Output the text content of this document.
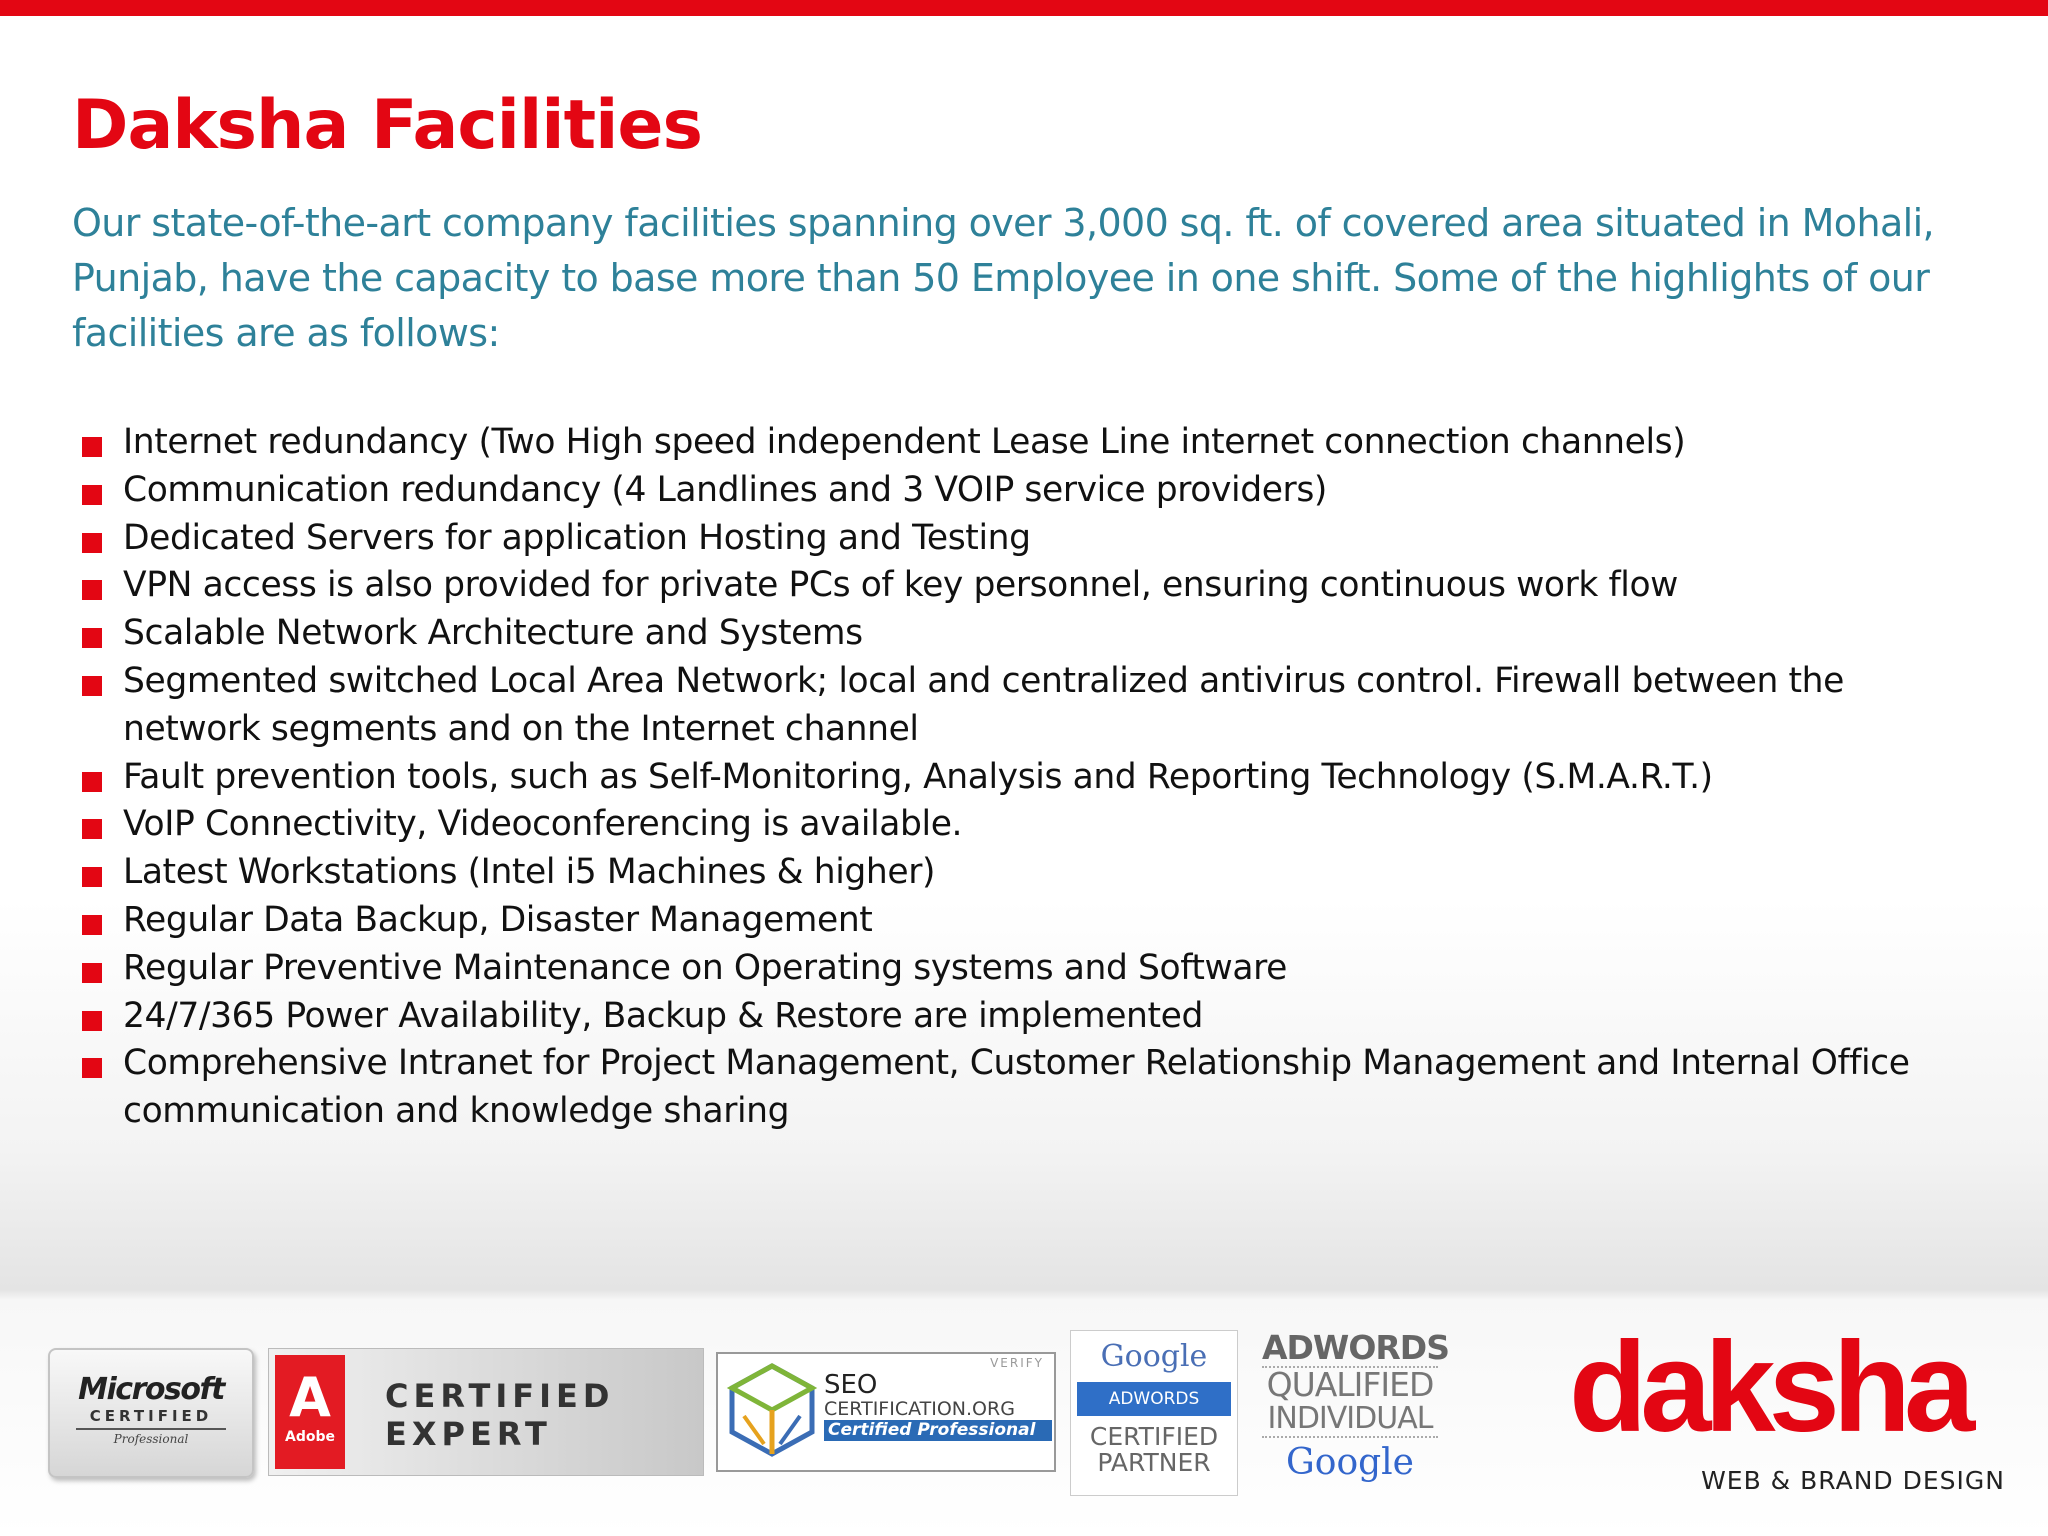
Daksha Facilities

Our state-of-the-art company facilities spanning over 3,000 sq. ft. of covered area situated in Mohali, Punjab, have the capacity to base more than 50 Employee in one shift. Some of the highlights of our facilities are as follows:

Internet redundancy (Two High speed independent Lease Line internet connection channels)
Communication redundancy (4 Landlines and 3 VOIP service providers)
Dedicated Servers for application Hosting and Testing
VPN access is also provided for private PCs of key personnel, ensuring continuous work flow
Scalable Network Architecture and Systems
Segmented switched Local Area Network; local and centralized antivirus control. Firewall between the network segments and on the Internet channel
Fault prevention tools, such as Self-Monitoring, Analysis and Reporting Technology (S.M.A.R.T.)
VoIP Connectivity, Videoconferencing is available.
Latest Workstations (Intel i5 Machines & higher)
Regular Data Backup, Disaster Management
Regular Preventive Maintenance on Operating systems and Software
24/7/365 Power Availability, Backup & Restore are implemented
Comprehensive Intranet for Project Management, Customer Relationship Management and Internal Office communication and knowledge sharing
Microsoft
CERTIFIED
Professional
A
Adobe
CERTIFIED
EXPERT
VERIFY
SEO
CERTIFICATION.ORG
Certified Professional
Google
ADWORDS
CERTIFIED
PARTNER
ADWORDS
QUALIFIED
INDIVIDUAL
Google
daksha
WEB & BRAND DESIGN
